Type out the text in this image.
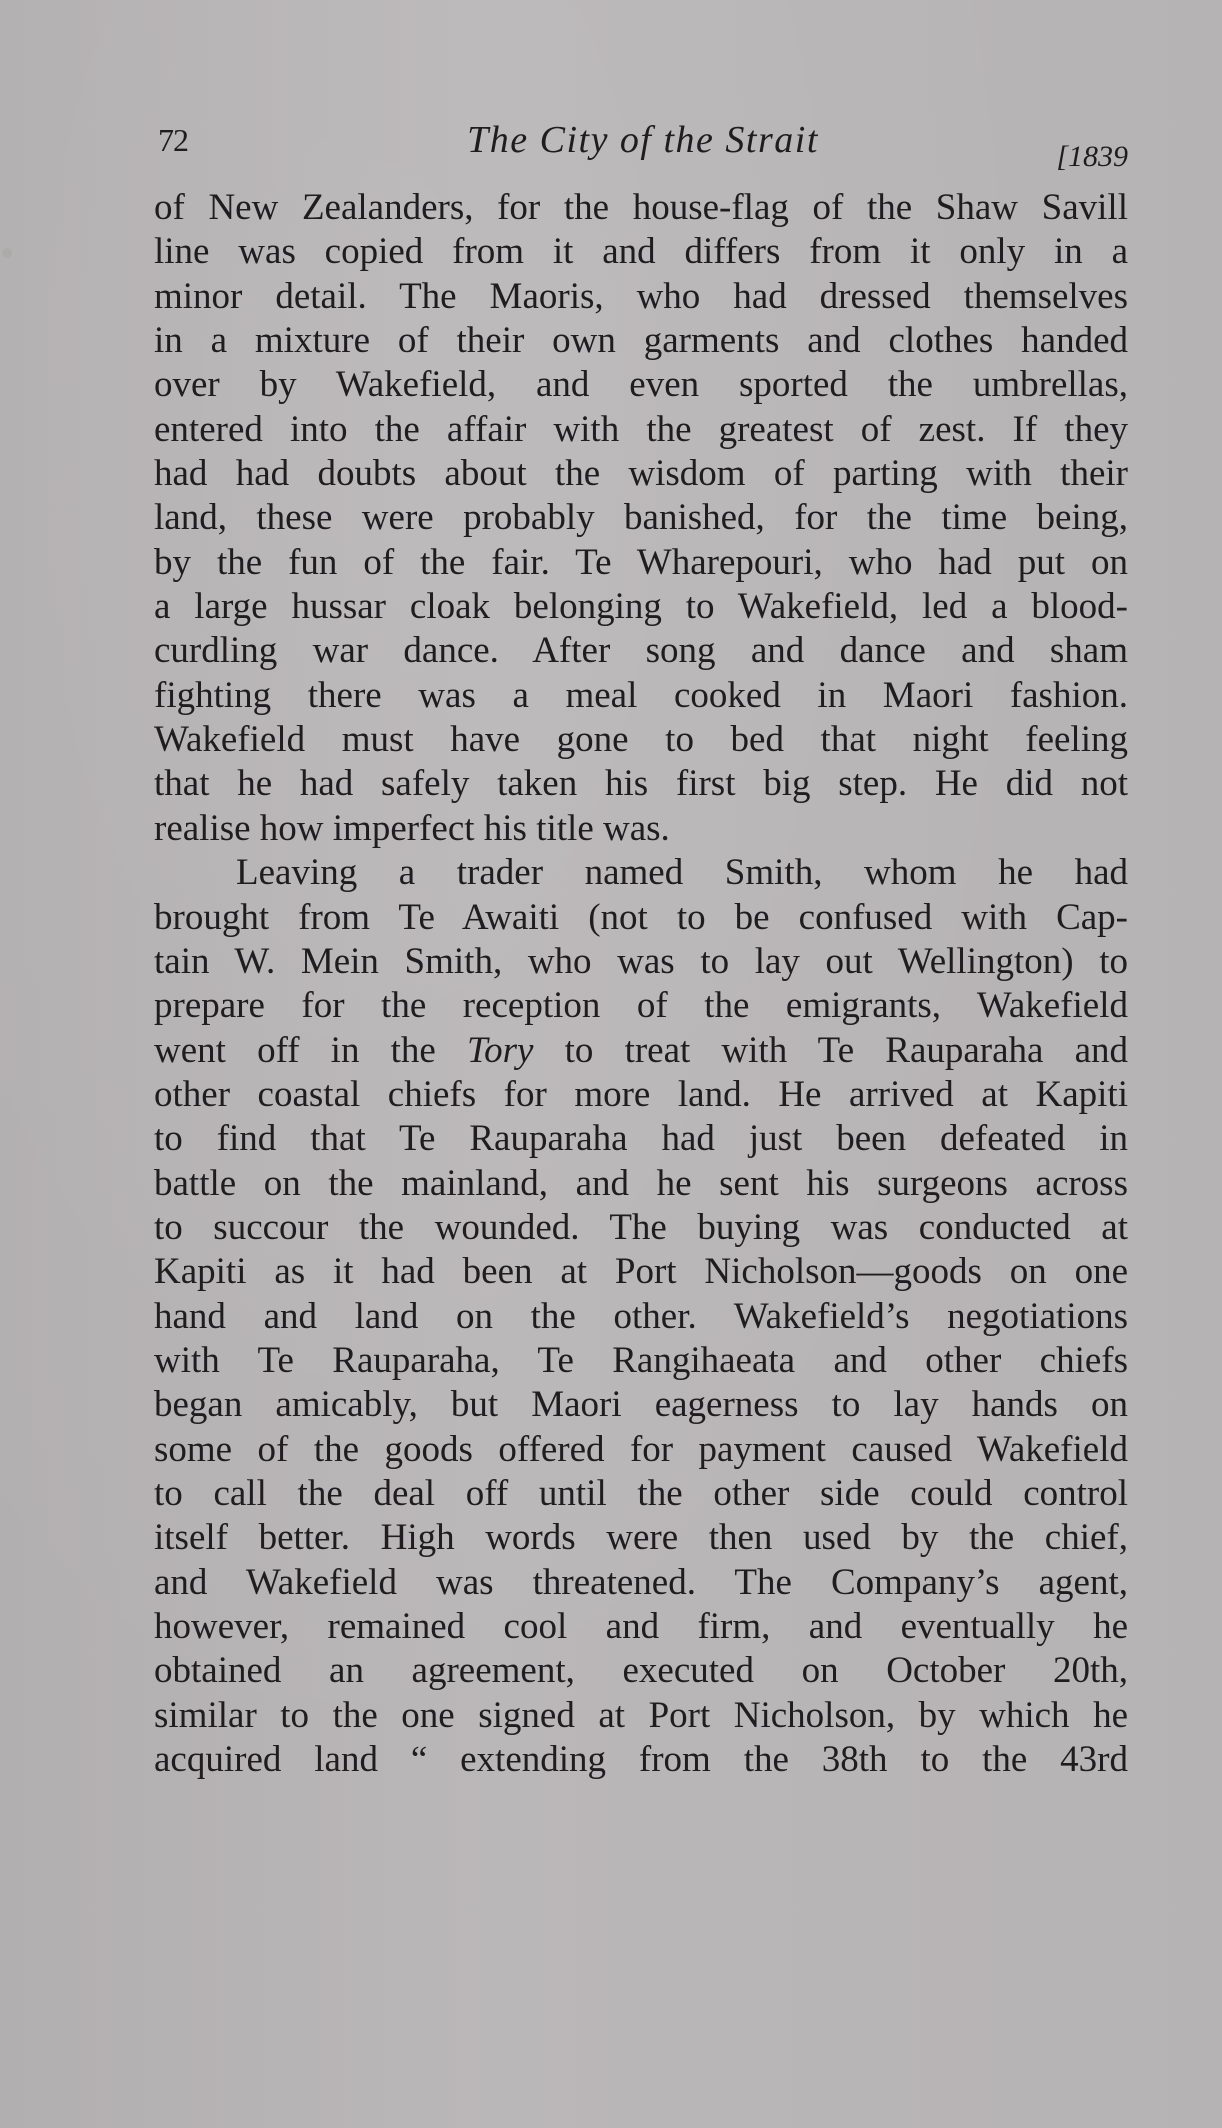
72	The City of the Strait	[1839
of New Zealanders, for the house-flag of the Shaw Savill
line was copied from it and differs from it only in a
minor detail. The Maoris, who had dressed themselves
in a mixture of their own garments and clothes handed
over by Wakefield, and even sported the umbrellas,
entered into the affair with the greatest of zest. If they
had had doubts about the wisdom of parting with their
land, these were probably banished, for the time being,
by the fun of the fair. Te Wharepouri, who had put on
a large hussar cloak belonging to Wakefield, led a blood-
curdling war dance. After song and dance and sham
fighting there was a meal cooked in Maori fashion.
Wakefield must have gone to bed that night feeling
that he had safely taken his first big step. He did not
realise how imperfect his title was.
Leaving a trader named Smith, whom he had
brought from Te Awaiti (not to be confused with Cap-
tain W. Mein Smith, who was to lay out Wellington) to
prepare for the reception of the emigrants, Wakefield
went off in the Tory to treat with Te Rauparaha and
other coastal chiefs for more land. He arrived at Kapiti
to find that Te Rauparaha had just been defeated in
battle on the mainland, and he sent his surgeons across
to succour the wounded. The buying was conducted at
Kapiti as it had been at Port Nicholson—goods on one
hand and land on the other. Wakefield’s negotiations
with Te Rauparaha, Te Rangihaeata and other chiefs
began amicably, but Maori eagerness to lay hands on
some of the goods offered for payment caused Wakefield
to call the deal off until the other side could control
itself better. High words were then used by the chief,
and Wakefield was threatened. The Company’s agent,
however, remained cool and firm, and eventually he
obtained an agreement, executed on October 20th,
similar to the one signed at Port Nicholson, by which he
acquired land “ extending from the 38th to the 43rd
